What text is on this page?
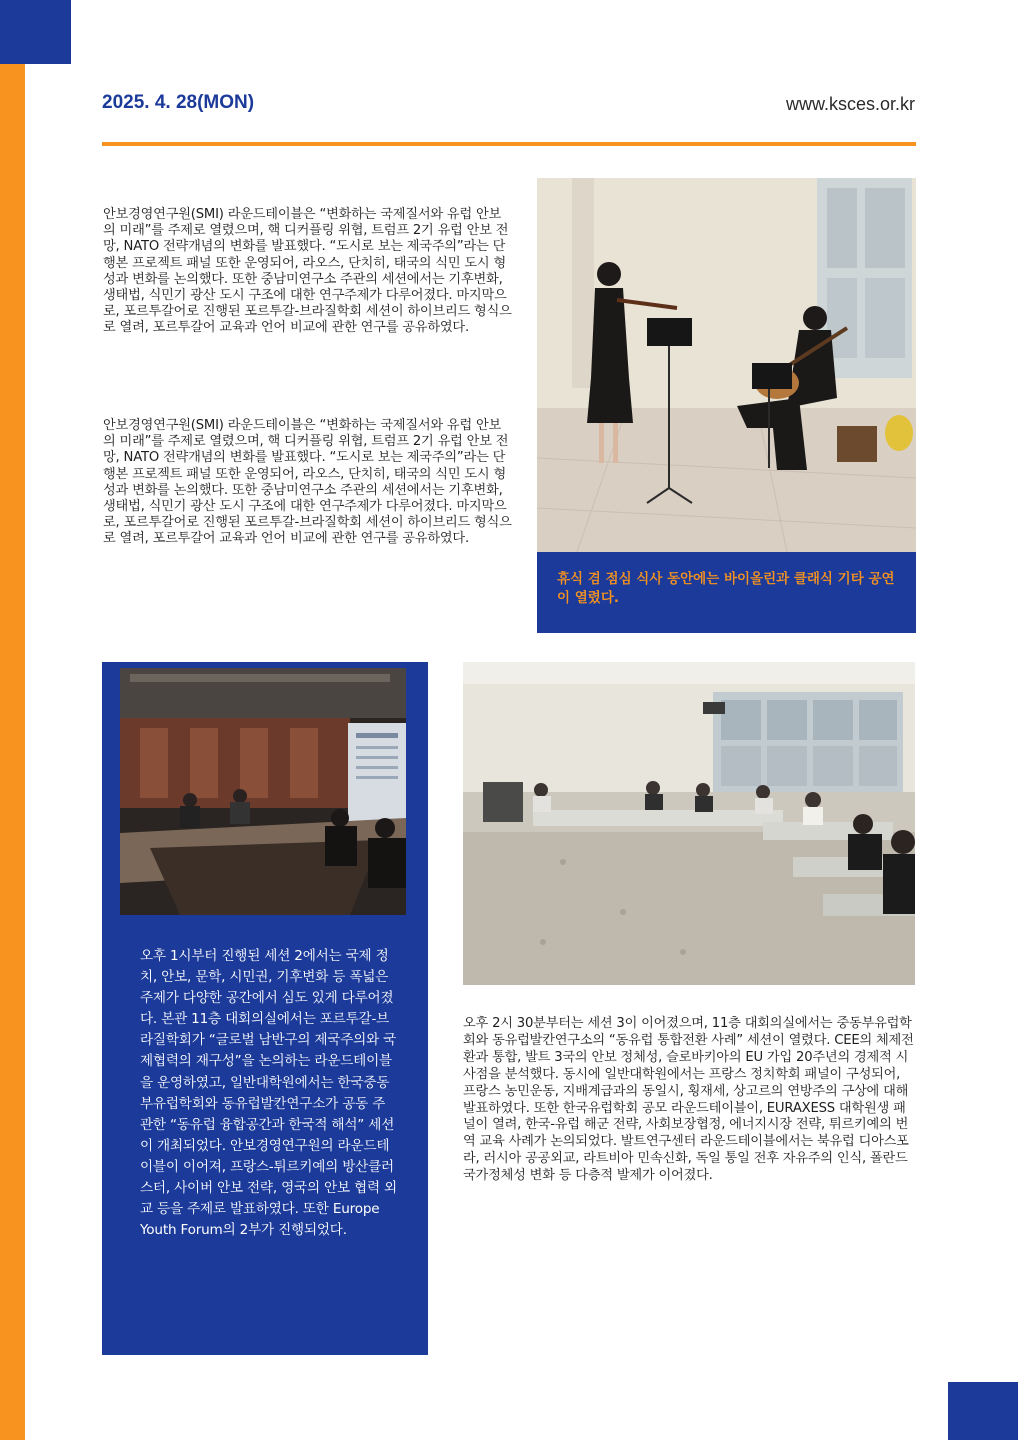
2025. 4. 28(MON)	www.ksces.or.kr

안보경영연구원(SMI) 라운드테이블은 “변화하는 국제질서와 유럽 안보의 미래”를 주제로 열렸으며, 핵 디커플링 위협, 트럼프 2기 유럽 안보 전망, NATO 전략개념의 변화를 발표했다. “도시로 보는 제국주의”라는 단행본 프로젝트 패널 또한 운영되어, 라오스, 단치히, 태국의 식민 도시 형성과 변화를 논의했다. 또한 중남미연구소 주관의 세션에서는 기후변화, 생태법, 식민기 광산 도시 구조에 대한 연구주제가 다루어졌다. 마지막으로, 포르투갈어로 진행된 포르투갈-브라질학회 세션이 하이브리드 형식으로 열려, 포르투갈어 교육과 언어 비교에 관한 연구를 공유하였다.

안보경영연구원(SMI) 라운드테이블은 “변화하는 국제질서와 유럽 안보의 미래”를 주제로 열렸으며, 핵 디커플링 위협, 트럼프 2기 유럽 안보 전망, NATO 전략개념의 변화를 발표했다. “도시로 보는 제국주의”라는 단행본 프로젝트 패널 또한 운영되어, 라오스, 단치히, 태국의 식민 도시 형성과 변화를 논의했다. 또한 중남미연구소 주관의 세션에서는 기후변화, 생태법, 식민기 광산 도시 구조에 대한 연구주제가 다루어졌다. 마지막으로, 포르투갈어로 진행된 포르투갈-브라질학회 세션이 하이브리드 형식으로 열려, 포르투갈어 교육과 언어 비교에 관한 연구를 공유하였다.

휴식 겸 점심 식사 동안에는 바이올린과 클래식 기타 공연이 열렸다.

오후 1시부터 진행된 세션 2에서는 국제 정치, 안보, 문학, 시민권, 기후변화 등 폭넓은 주제가 다양한 공간에서 심도 있게 다루어졌다. 본관 11층 대회의실에서는 포르투갈-브라질학회가 “글로벌 남반구의 제국주의와 국제협력의 재구성”을 논의하는 라운드테이블을 운영하였고, 일반대학원에서는 한국중동부유럽학회와 동유럽발칸연구소가 공동 주관한 “동유럽 융합공간과 한국적 해석” 세션이 개최되었다. 안보경영연구원의 라운드테이블이 이어져, 프랑스-튀르키예의 방산클러스터, 사이버 안보 전략, 영국의 안보 협력 외교 등을 주제로 발표하였다. 또한 Europe Youth Forum의 2부가 진행되었다.

오후 2시 30분부터는 세션 3이 이어졌으며, 11층 대회의실에서는 중동부유럽학회와 동유럽발칸연구소의 “동유럽 통합전환 사례” 세션이 열렸다. CEE의 체제전환과 통합, 발트 3국의 안보 정체성, 슬로바키아의 EU 가입 20주년의 경제적 시사점을 분석했다. 동시에 일반대학원에서는 프랑스 정치학회 패널이 구성되어, 프랑스 농민운동, 지배계급과의 동일시, 횡재세, 상고르의 연방주의 구상에 대해 발표하였다. 또한 한국유럽학회 공모 라운드테이블이, EURAXESS 대학원생 패널이 열려, 한국-유럽 해군 전략, 사회보장협정, 에너지시장 전략, 튀르키예의 번역 교육 사례가 논의되었다. 발트연구센터 라운드테이블에서는 북유럽 디아스포라, 러시아 공공외교, 라트비아 민속신화, 독일 통일 전후 자유주의 인식, 폴란드 국가정체성 변화 등 다층적 발제가 이어졌다.
